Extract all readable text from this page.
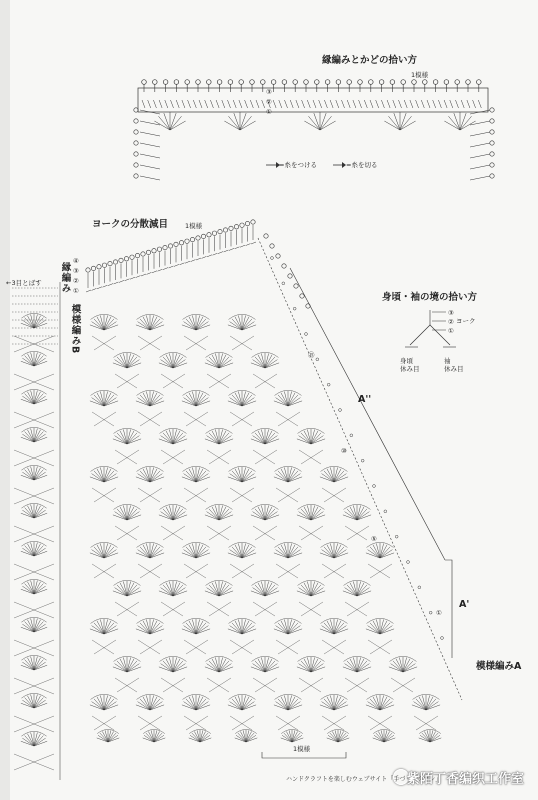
縁編みとかどの拾い方
1模様
=糸をつける	=糸を切る
③
②
①
ヨークの分散減目	1模様
④
③
②
①
←3目とばす 縁編み
模様編みB
身頃・袖の境の拾い方
ヨーク
③
②
①
身頃
休み目
袖
休み目
A''
A'
模様編みA
1模様
⑮
⑩
⑤
①
ハンドクラフトを楽しむウェブサイト「手づくりタウン」
紫陌丁香编织工作室
